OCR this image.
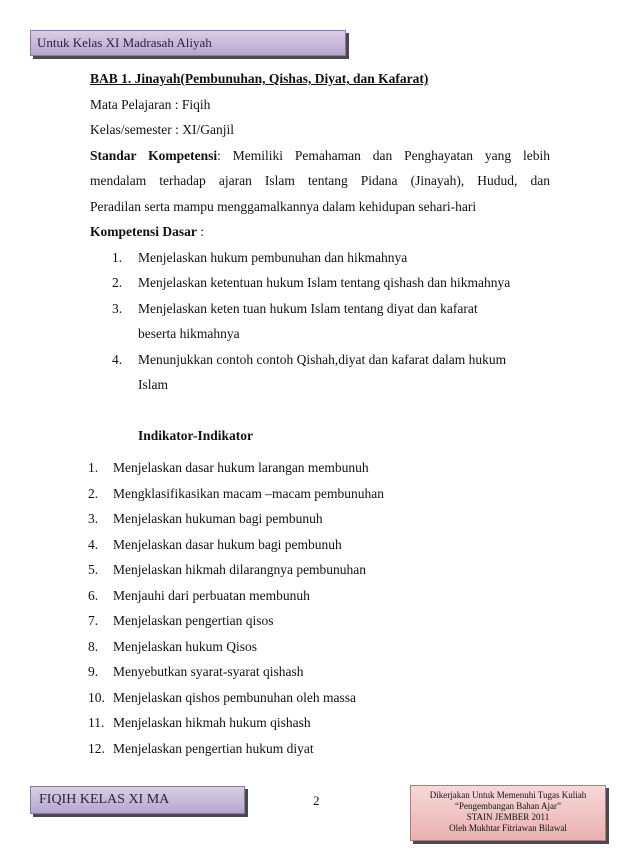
Untuk Kelas XI Madrasah Aliyah

BAB 1. Jinayah(Pembunuhan, Qishas, Diyat, dan Kafarat)

Mata Pelajaran : Fiqih

Kelas/semester : XI/Ganjil

Standar Kompetensi: Memiliki Pemahaman dan Penghayatan yang lebih

mendalam terhadap ajaran Islam tentang Pidana (Jinayah), Hudud, dan

Peradilan serta mampu menggamalkannya dalam kehidupan sehari-hari

Kompetensi Dasar :

1. Menjelaskan hukum pembunuhan dan hikmahnya
2. Menjelaskan ketentuan hukum Islam tentang qishash dan hikmahnya
3. Menjelaskan keten tuan hukum Islam tentang diyat dan kafarat
beserta hikmahnya
4. Menunjukkan contoh contoh Qishah,diyat dan kafarat dalam hukum
Islam

Indikator-Indikator

1. Menjelaskan dasar hukum larangan membunuh
2. Mengklasifikasikan macam –macam pembunuhan
3. Menjelaskan hukuman bagi pembunuh
4. Menjelaskan dasar hukum bagi pembunuh
5. Menjelaskan hikmah dilarangnya pembunuhan
6. Menjauhi dari perbuatan membunuh
7. Menjelaskan pengertian qisos
8. Menjelaskan hukum Qisos
9. Menyebutkan syarat-syarat qishash
10. Menjelaskan qishos pembunuhan oleh massa
11. Menjelaskan hikmah hukum qishash
12. Menjelaskan pengertian hukum diyat
FIQIH KELAS XI MA	2	Dikerjakan Untuk Memenuhi Tugas Kuliah
“Pengembangan Bahan Ajar”
STAIN JEMBER 2011
Oleh Mukhtar Fitriawan Bilawal
